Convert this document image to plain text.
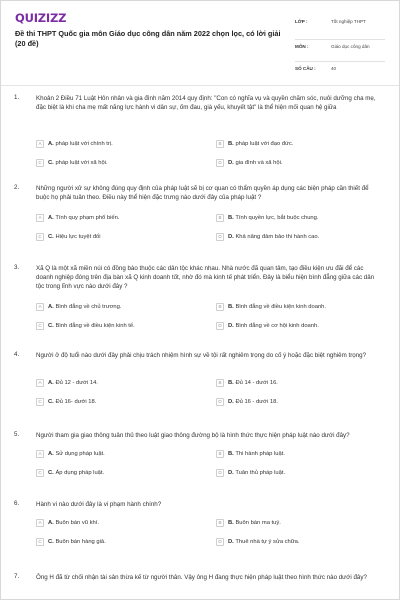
QUIZIZZ
Đề thi THPT Quốc gia môn Giáo dục công dân năm 2022 chọn lọc, có lời giải (20 đề)
LỚP :	Tốt nghiệp THPT
MÔN :	Giáo dục công dân
SỐ CÂU :	40
1.	Khoản 2 Điều 71 Luật Hôn nhân và gia đình năm 2014 quy định: "Con có nghĩa vụ và quyền chăm sóc, nuôi dưỡng cha mẹ, đặc biệt là khi cha mẹ mất năng lực hành vi dân sự, ốm đau, già yếu, khuyết tật" là thể hiện mối quan hệ giữa
A	A. pháp luật với chính trị.	B	B. pháp luật với đạo đức.
C	C. pháp luật với xã hội.	D	D. gia đình và xã hội.
2.	Những người xử sự không đúng quy định của pháp luật sẽ bị cơ quan có thẩm quyền áp dụng các biện pháp cần thiết để buộc họ phải tuân theo. Điều này thể hiện đặc trưng nào dưới đây của pháp luật ?
A	A. Tính quy phạm phổ biến.	B	B. Tính quyền lực, bắt buộc chung.
C	C. Hiệu lực tuyệt đối	D	D. Khả năng đảm bảo thi hành cao.
3.	Xã Q là một xã miền núi có đồng bào thuộc các dân tộc khác nhau. Nhà nước đã quan tâm, tạo điều kiện ưu đãi để các doanh nghiệp đóng trên địa bàn xã Q kinh doanh tốt, nhờ đó mà kinh tế phát triển. Đây là biểu hiện bình đẳng giữa các dân tộc trong lĩnh vực nào dưới đây ?
A	A. Bình đẳng về chủ trương.	B	B. Bình đẳng về điều kiện kinh doanh.
C	C. Bình đẳng về điều kiện kinh tế.	D	D. Bình đẳng về cơ hội kinh doanh.
4.	Người ở độ tuổi nào dưới đây phải chịu trách nhiệm hình sự về tội rất nghiêm trọng do cố ý hoặc đặc biệt nghiêm trọng?
A	A. Đủ 12 - dưới 14.	B	B. Đủ 14 - dưới 16.
C	C. Đủ 16- dưới 18.	D	D. Đủ 16 - dưới 18.
5.	Người tham gia giao thông tuân thủ theo luật giao thông đường bộ là hình thức thực hiện pháp luật nào dưới đây?
A	A. Sử dụng pháp luật.	B	B. Thi hành pháp luật.
C	C. Áp dụng pháp luật.	D	D. Tuân thủ pháp luật.
6.	Hành vi nào dưới đây là vi phạm hành chính?
A	A. Buôn bán vũ khí.	B	B. Buôn bán ma tuý.
C	C. Buôn bán hàng giả.	D	D. Thuê nhà tự ý sửa chữa.
7.	Ông H đã từ chối nhận tài sản thừa kế từ người thân. Vậy ông H đang thực hiện pháp luật theo hình thức nào dưới đây?
